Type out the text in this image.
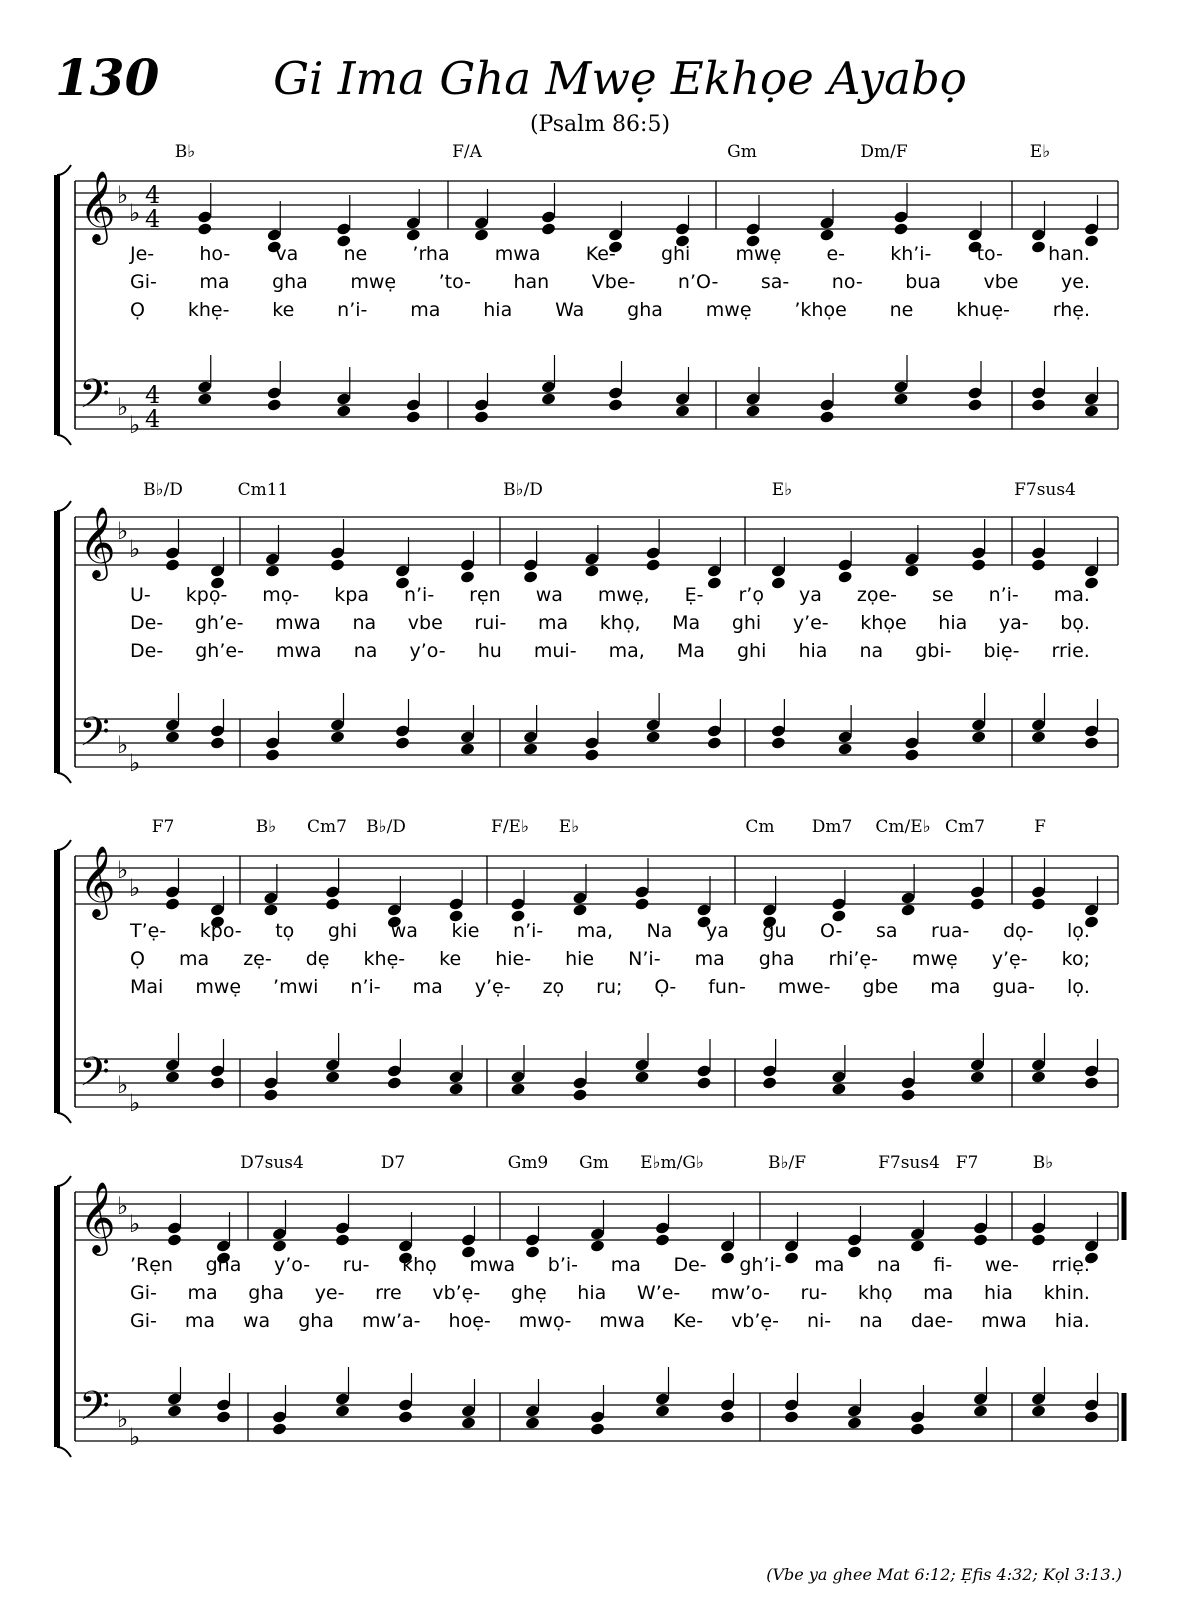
130	Gi Ima Gha Mwẹ Ekhọe Ayabọ
(Psalm 86:5)
𝄞
𝄢
♭
♭
♭
♭
4
4
4
4
𝄞
𝄢
♭
♭
♭
♭
𝄞
𝄢
♭
♭
♭
♭
𝄞
𝄢
♭
♭
♭
♭
B♭	F/A	Gm	Dm/F	E♭
Je- ho- va ne ’rha mwa Ke- ghi mwẹ e- kh’i- to- han.
Gi- ma gha mwẹ ’to- han Vbe- n’O- sa- no- bua vbe ye.
Ọ khẹ- ke n’i- ma hia Wa gha mwẹ ’khọe ne khuẹ- rhẹ.
B♭/D	Cm11	B♭/D	E♭	F7sus4
U- kpọ- mọ- kpa n’i- rẹn wa mwẹ, Ẹ- r’ọ ya zọe- se n’i- ma.
De- gh’e- mwa na vbe rui- ma khọ, Ma ghi y’e- khọe hia ya- bọ.
De- gh’e- mwa na y’o- hu mui- ma, Ma ghi hia na gbi- biẹ- rrie.
F7	B♭ Cm7 B♭/D	F/E♭ E♭	Cm Dm7 Cm/E♭ Cm7	F
T’ẹ- kpo- tọ ghi wa kie n’i- ma, Na ya gu O- sa rua- dọ- lọ.
Ọ ma zẹ- dẹ khẹ- ke hie- hie N’i- ma gha rhi’ẹ- mwẹ y’ẹ- ko;
Mai mwẹ ’mwi n’i- ma y’ẹ- zọ ru; Ọ- fun- mwe- gbe ma gua- lọ.
D7sus4	D7	Gm9 Gm E♭m/G♭	B♭/F	F7sus4 F7	B♭
’Rẹn gha y’o- ru- khọ mwa b’i- ma De- gh’i- ma na fi- we- rriẹ.
Gi- ma gha ye- rre vb’ẹ- ghẹ hia W’e- mw’o- ru- khọ ma hia khin.
Gi- ma wa gha mw’a- hoẹ- mwọ- mwa Ke- vb’ẹ- ni- na dae- mwa hia.
(Vbe ya ghee Mat 6:12; Ẹfis 4:32; Kọl 3:13.)
